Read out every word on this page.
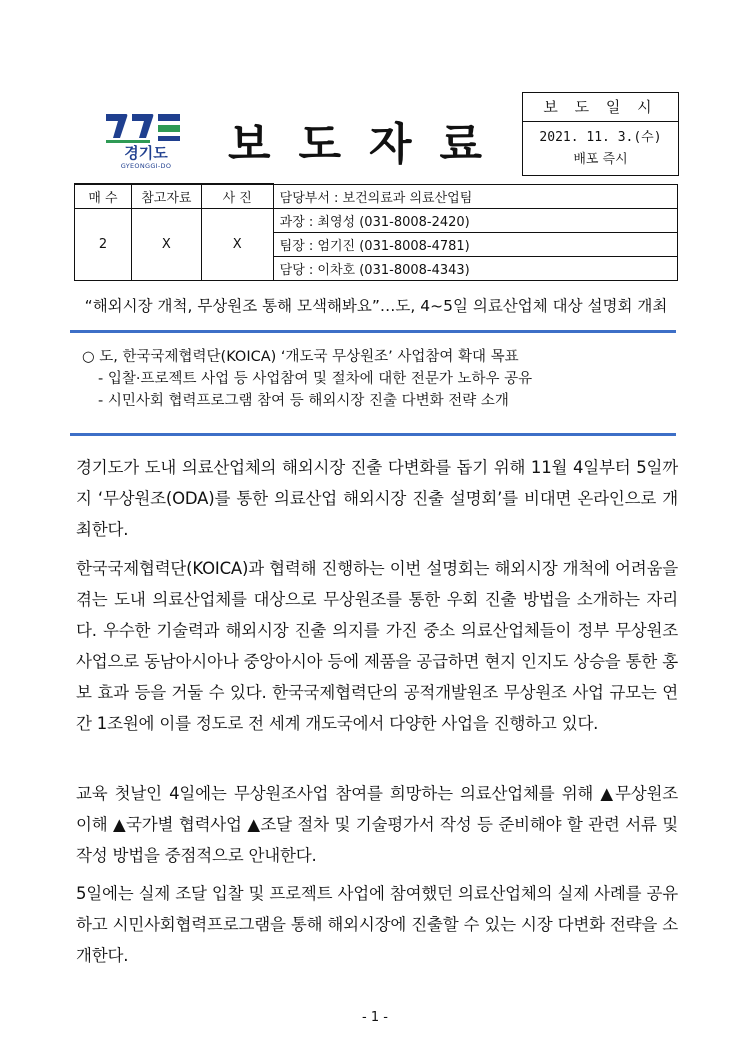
경기도
GYEONGGI-DO 보도자료
보 도 일 시
2021. 11. 3.(수)
배포 즉시
매 수	참고자료	사 진	담당부서 : 보건의료과 의료산업팀
2	X	X	과장 : 최영성 (031-8008-2420)
			팀장 : 엄기진 (031-8008-4781)
			담당 : 이차호 (031-8008-4343)
“해외시장 개척, 무상원조 통해 모색해봐요”…도, 4~5일 의료산업체 대상 설명회 개최
○ 도, 한국국제협력단(KOICA) ‘개도국 무상원조’ 사업참여 확대 목표
- 입찰·프로젝트 사업 등 사업참여 및 절차에 대한 전문가 노하우 공유
- 시민사회 협력프로그램 참여 등 해외시장 진출 다변화 전략 소개
경기도가 도내 의료산업체의 해외시장 진출 다변화를 돕기 위해 11월 4일부터 5일까지 ‘무상원조(ODA)를 통한 의료산업 해외시장 진출 설명회’를 비대면 온라인으로 개최한다.
한국국제협력단(KOICA)과 협력해 진행하는 이번 설명회는 해외시장 개척에 어려움을 겪는 도내 의료산업체를 대상으로 무상원조를 통한 우회 진출 방법을 소개하는 자리다. 우수한 기술력과 해외시장 진출 의지를 가진 중소 의료산업체들이 정부 무상원조 사업으로 동남아시아나 중앙아시아 등에 제품을 공급하면 현지 인지도 상승을 통한 홍보 효과 등을 거둘 수 있다. 한국국제협력단의 공적개발원조 무상원조 사업 규모는 연간 1조원에 이를 정도로 전 세계 개도국에서 다양한 사업을 진행하고 있다.
교육 첫날인 4일에는 무상원조사업 참여를 희망하는 의료산업체를 위해 ▲무상원조 이해 ▲국가별 협력사업 ▲조달 절차 및 기술평가서 작성 등 준비해야 할 관련 서류 및 작성 방법을 중점적으로 안내한다.
5일에는 실제 조달 입찰 및 프로젝트 사업에 참여했던 의료산업체의 실제 사례를 공유하고 시민사회협력프로그램을 통해 해외시장에 진출할 수 있는 시장 다변화 전략을 소개한다.
- 1 -
